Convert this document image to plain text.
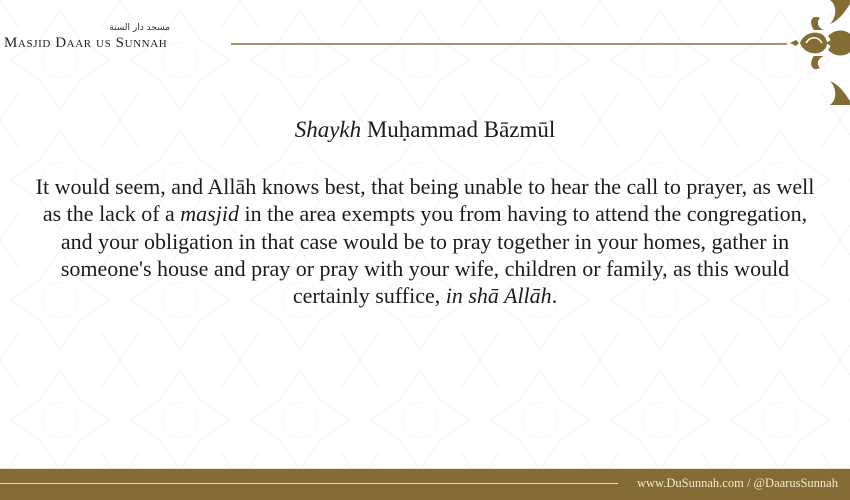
مسجد دار السنة
Masjid Daar us Sunnah
Shaykh Muḥammad Bāzmūl
It would seem, and Allāh knows best, that being unable to hear the call to prayer, as well as the lack of a masjid in the area exempts you from having to attend the congregation, and your obligation in that case would be to pray together in your homes, gather in someone's house and pray or pray with your wife, children or family, as this would certainly suffice, in shā Allāh.
www.DuSunnah.com / @DaarusSunnah
